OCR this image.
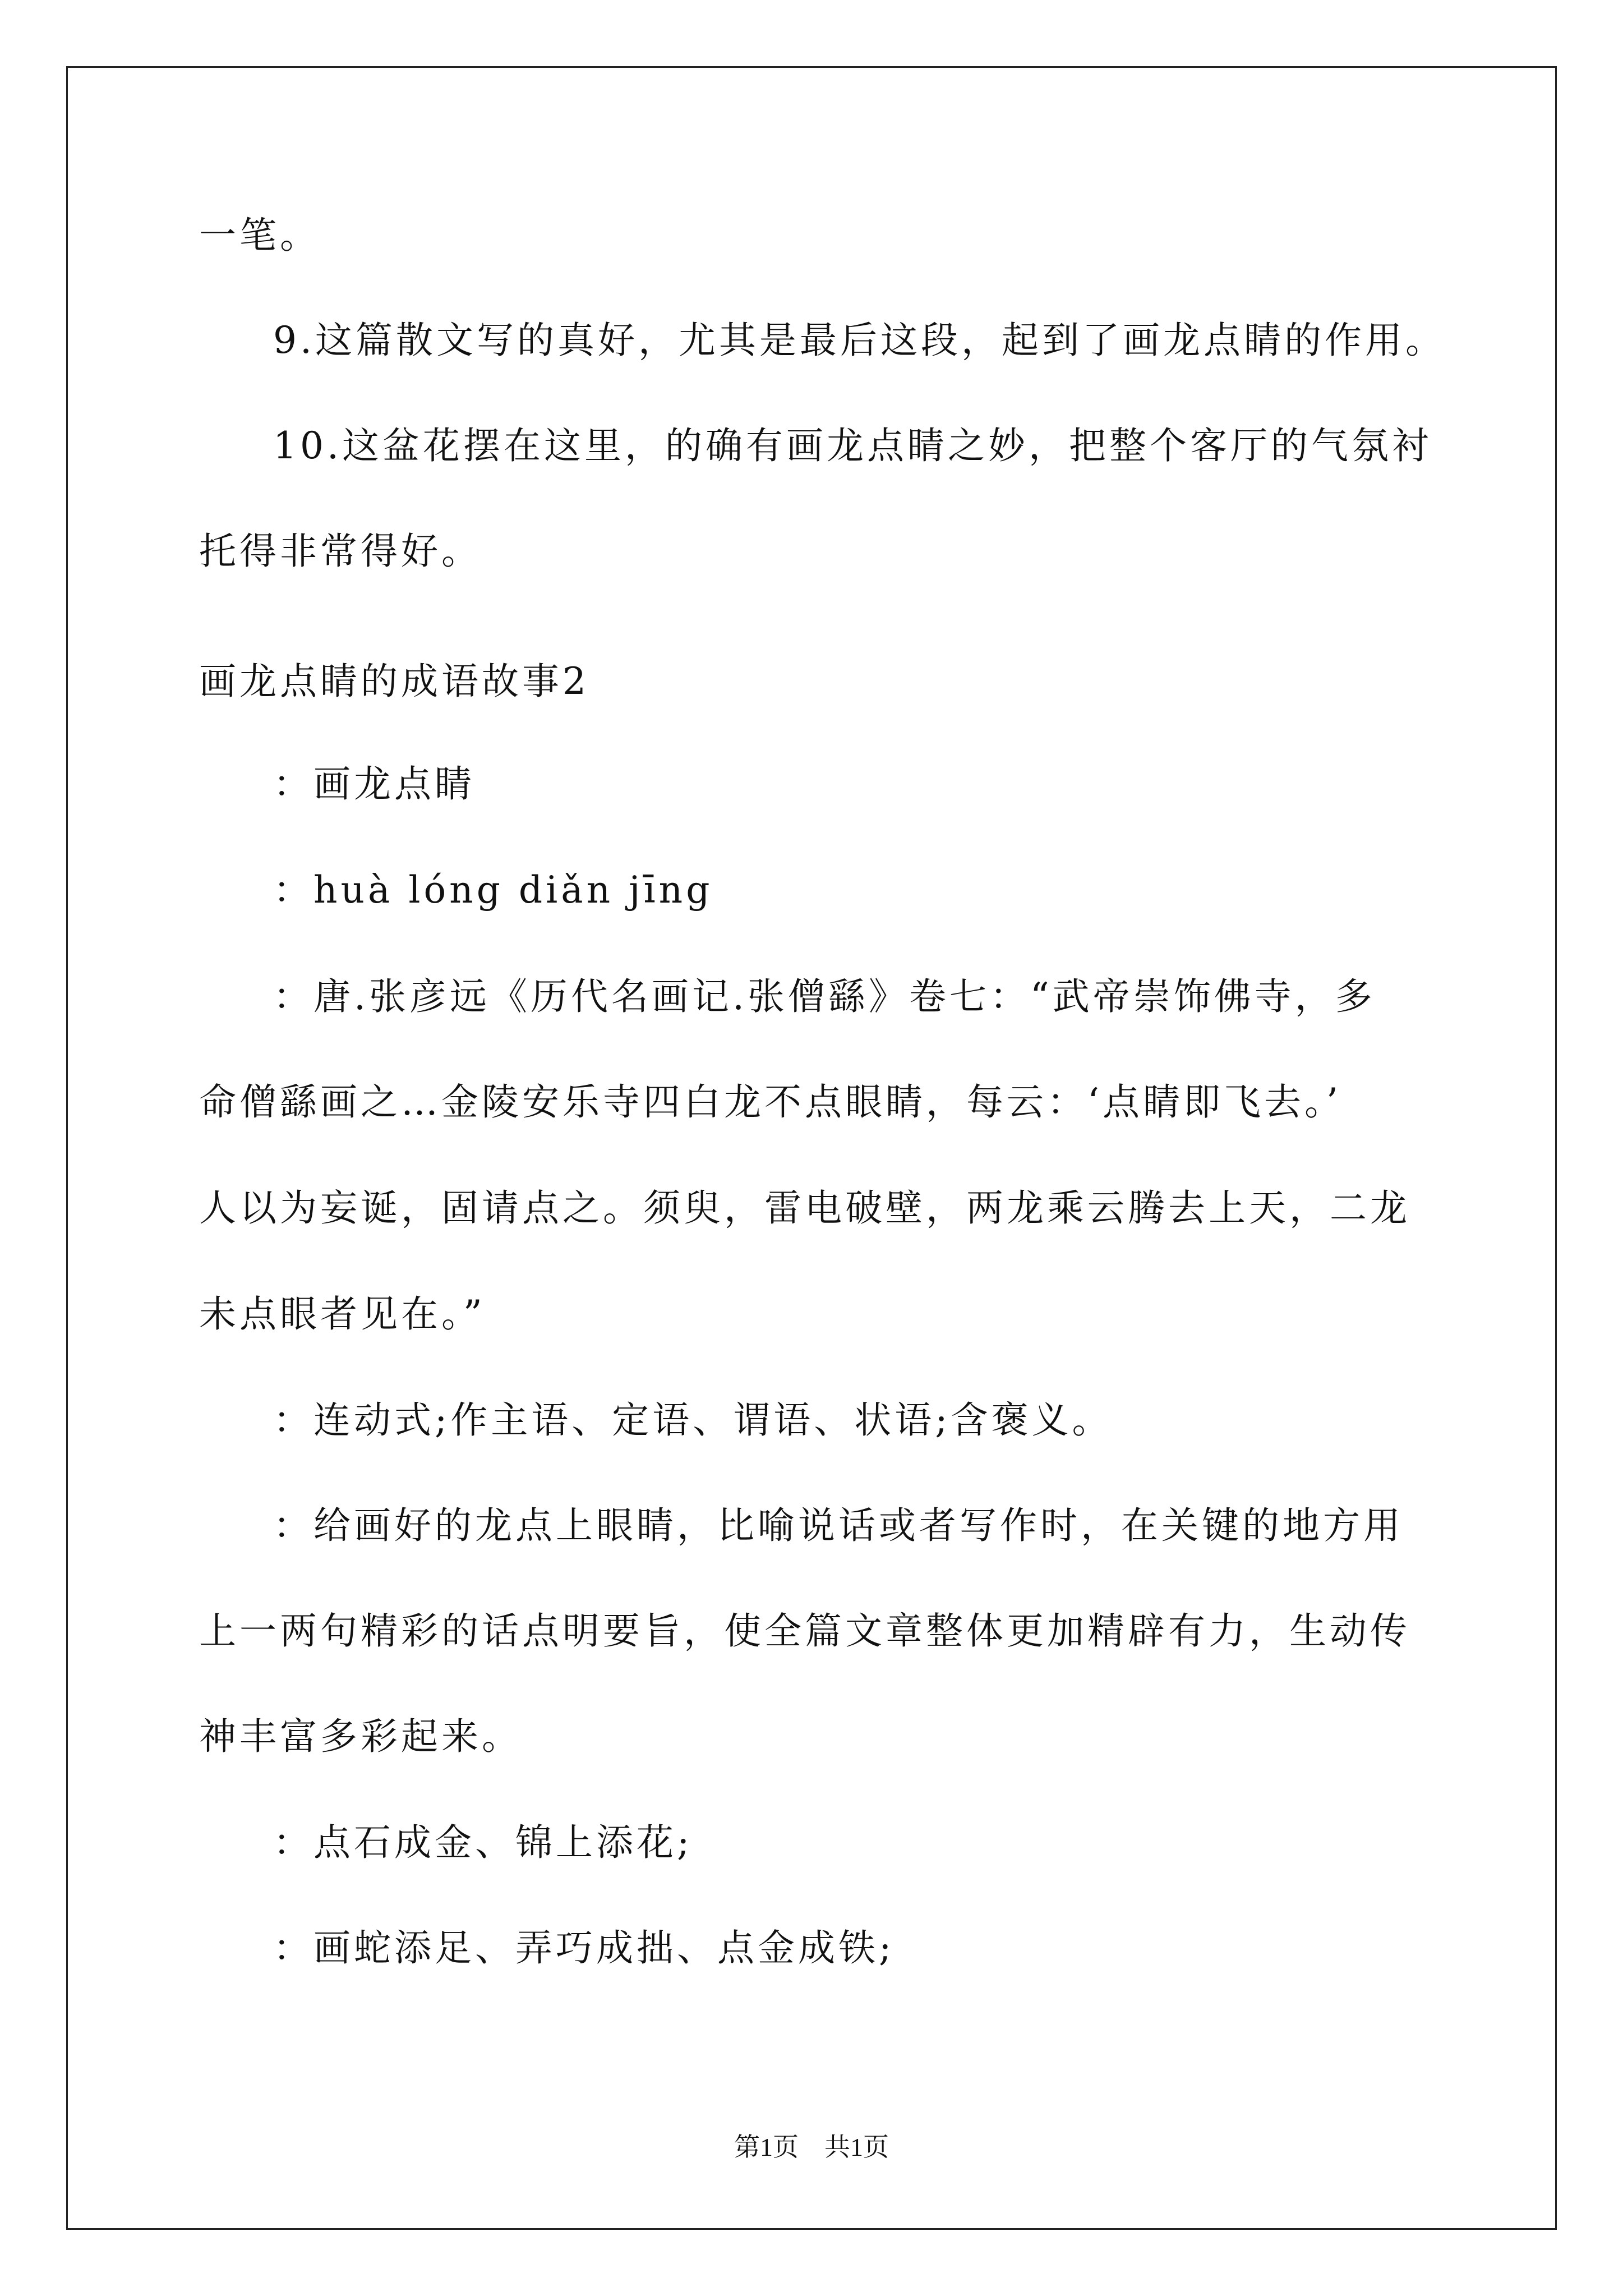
一笔。
9.这篇散文写的真好，尤其是最后这段，起到了画龙点睛的作用。
10.这盆花摆在这里，的确有画龙点睛之妙，把整个客厅的气氛衬
托得非常得好。
画龙点睛的成语故事2
：画龙点睛
：huà lóng diǎn jīng
：唐.张彦远《历代名画记.张僧繇》卷七：“武帝崇饰佛寺，多
命僧繇画之…金陵安乐寺四白龙不点眼睛，每云：‘点睛即飞去。’
人以为妄诞，固请点之。须臾，雷电破壁，两龙乘云腾去上天，二龙
未点眼者见在。”
：连动式;作主语、定语、谓语、状语;含褒义。
：给画好的龙点上眼睛，比喻说话或者写作时，在关键的地方用
上一两句精彩的话点明要旨，使全篇文章整体更加精辟有力，生动传
神丰富多彩起来。
：点石成金、锦上添花;
：画蛇添足、弄巧成拙、点金成铁;
第1页　共1页
